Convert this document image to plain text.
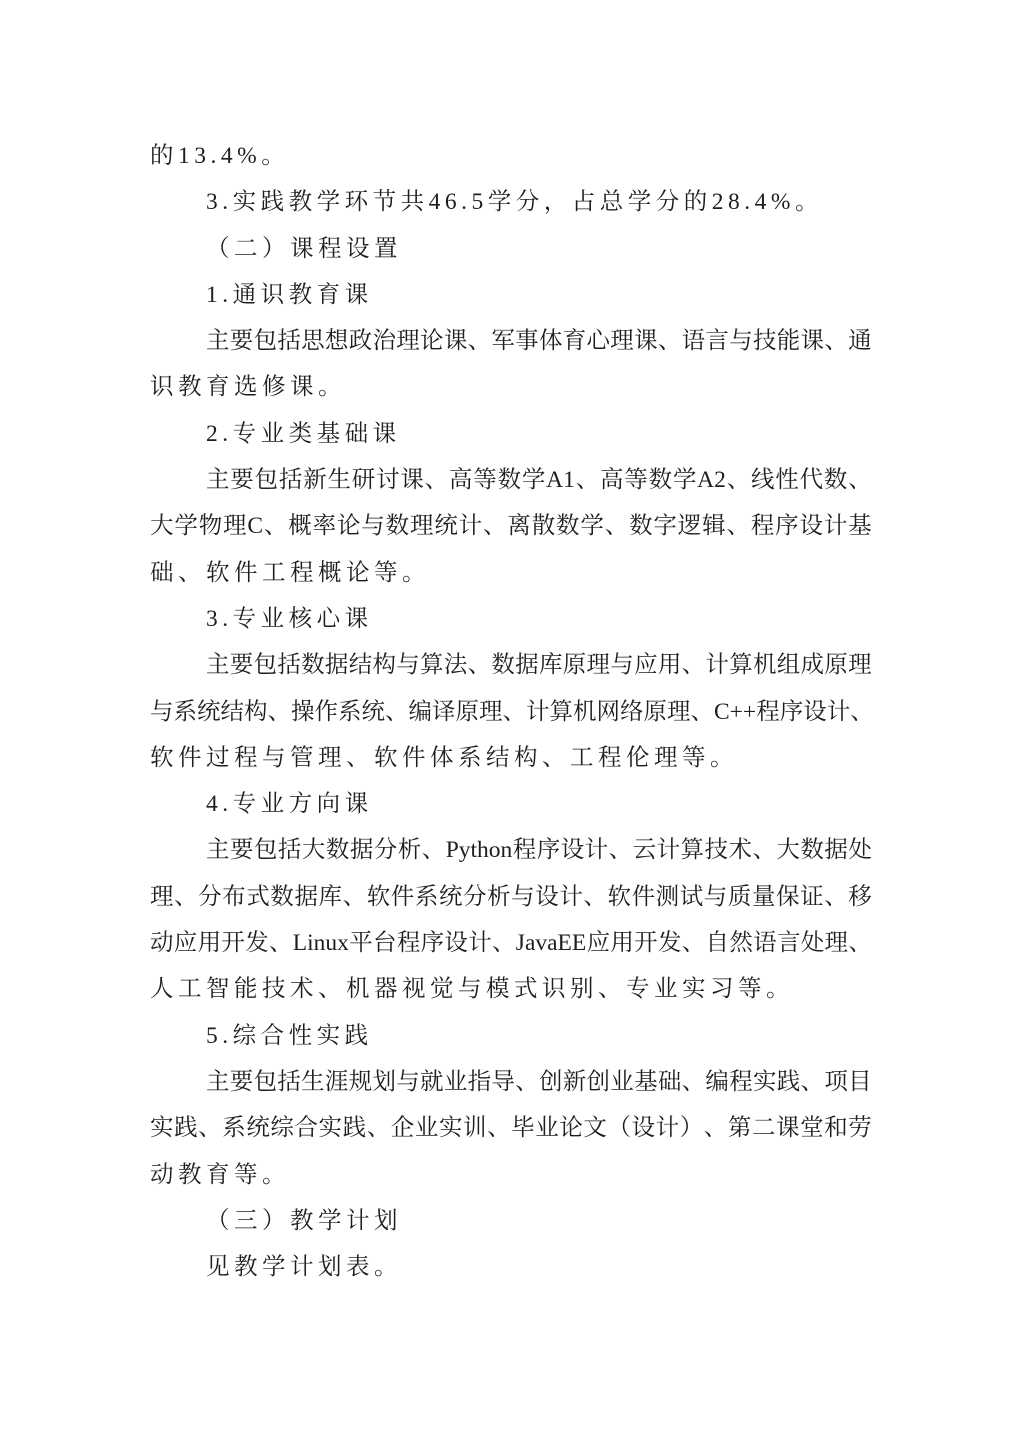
的13.4%。
3.实践教学环节共46.5学分，占总学分的28.4%。
（二）课程设置
1.通识教育课
主 要 包 括 思 想 政 治 理 论 课 、 军 事 体 育 心 理 课 、 语 言 与 技 能 课 、 通
识教育选修课。
2.专业类基础课
主 要 包 括 新 生 研 讨 课 、 高 等 数 学 A1 、 高 等 数 学 A2 、 线 性 代 数 、
大 学 物 理 C 、 概 率 论 与 数 理 统 计 、 离 散 数 学 、 数 字 逻 辑 、 程 序 设 计 基
础、软件工程概论等。
3.专业核心课
主 要 包 括 数 据 结 构 与 算 法 、 数 据 库 原 理 与 应 用 、 计 算 机 组 成 原 理
与 系 统 结 构 、 操 作 系 统 、 编 译 原 理 、 计 算 机 网 络 原 理 、 C++ 程 序 设 计 、
软件过程与管理、软件体系结构、工程伦理等。
4.专业方向课
主 要 包 括 大 数 据 分 析 、 Python 程 序 设 计 、 云 计 算 技 术 、 大 数 据 处
理 、 分 布 式 数 据 库 、 软 件 系 统 分 析 与 设 计 、 软 件 测 试 与 质 量 保 证 、 移
动 应 用 开 发 、 Linux 平 台 程 序 设 计 、 JavaEE 应 用 开 发 、 自 然 语 言 处 理 、
人工智能技术、机器视觉与模式识别、专业实习等。
5.综合性实践
主 要 包 括 生 涯 规 划 与 就 业 指 导 、 创 新 创 业 基 础 、 编 程 实 践 、 项 目
实 践 、 系 统 综 合 实 践 、 企 业 实 训 、 毕 业 论 文 （ 设 计 ） 、 第 二 课 堂 和 劳
动教育等。
（三）教学计划
见教学计划表。
